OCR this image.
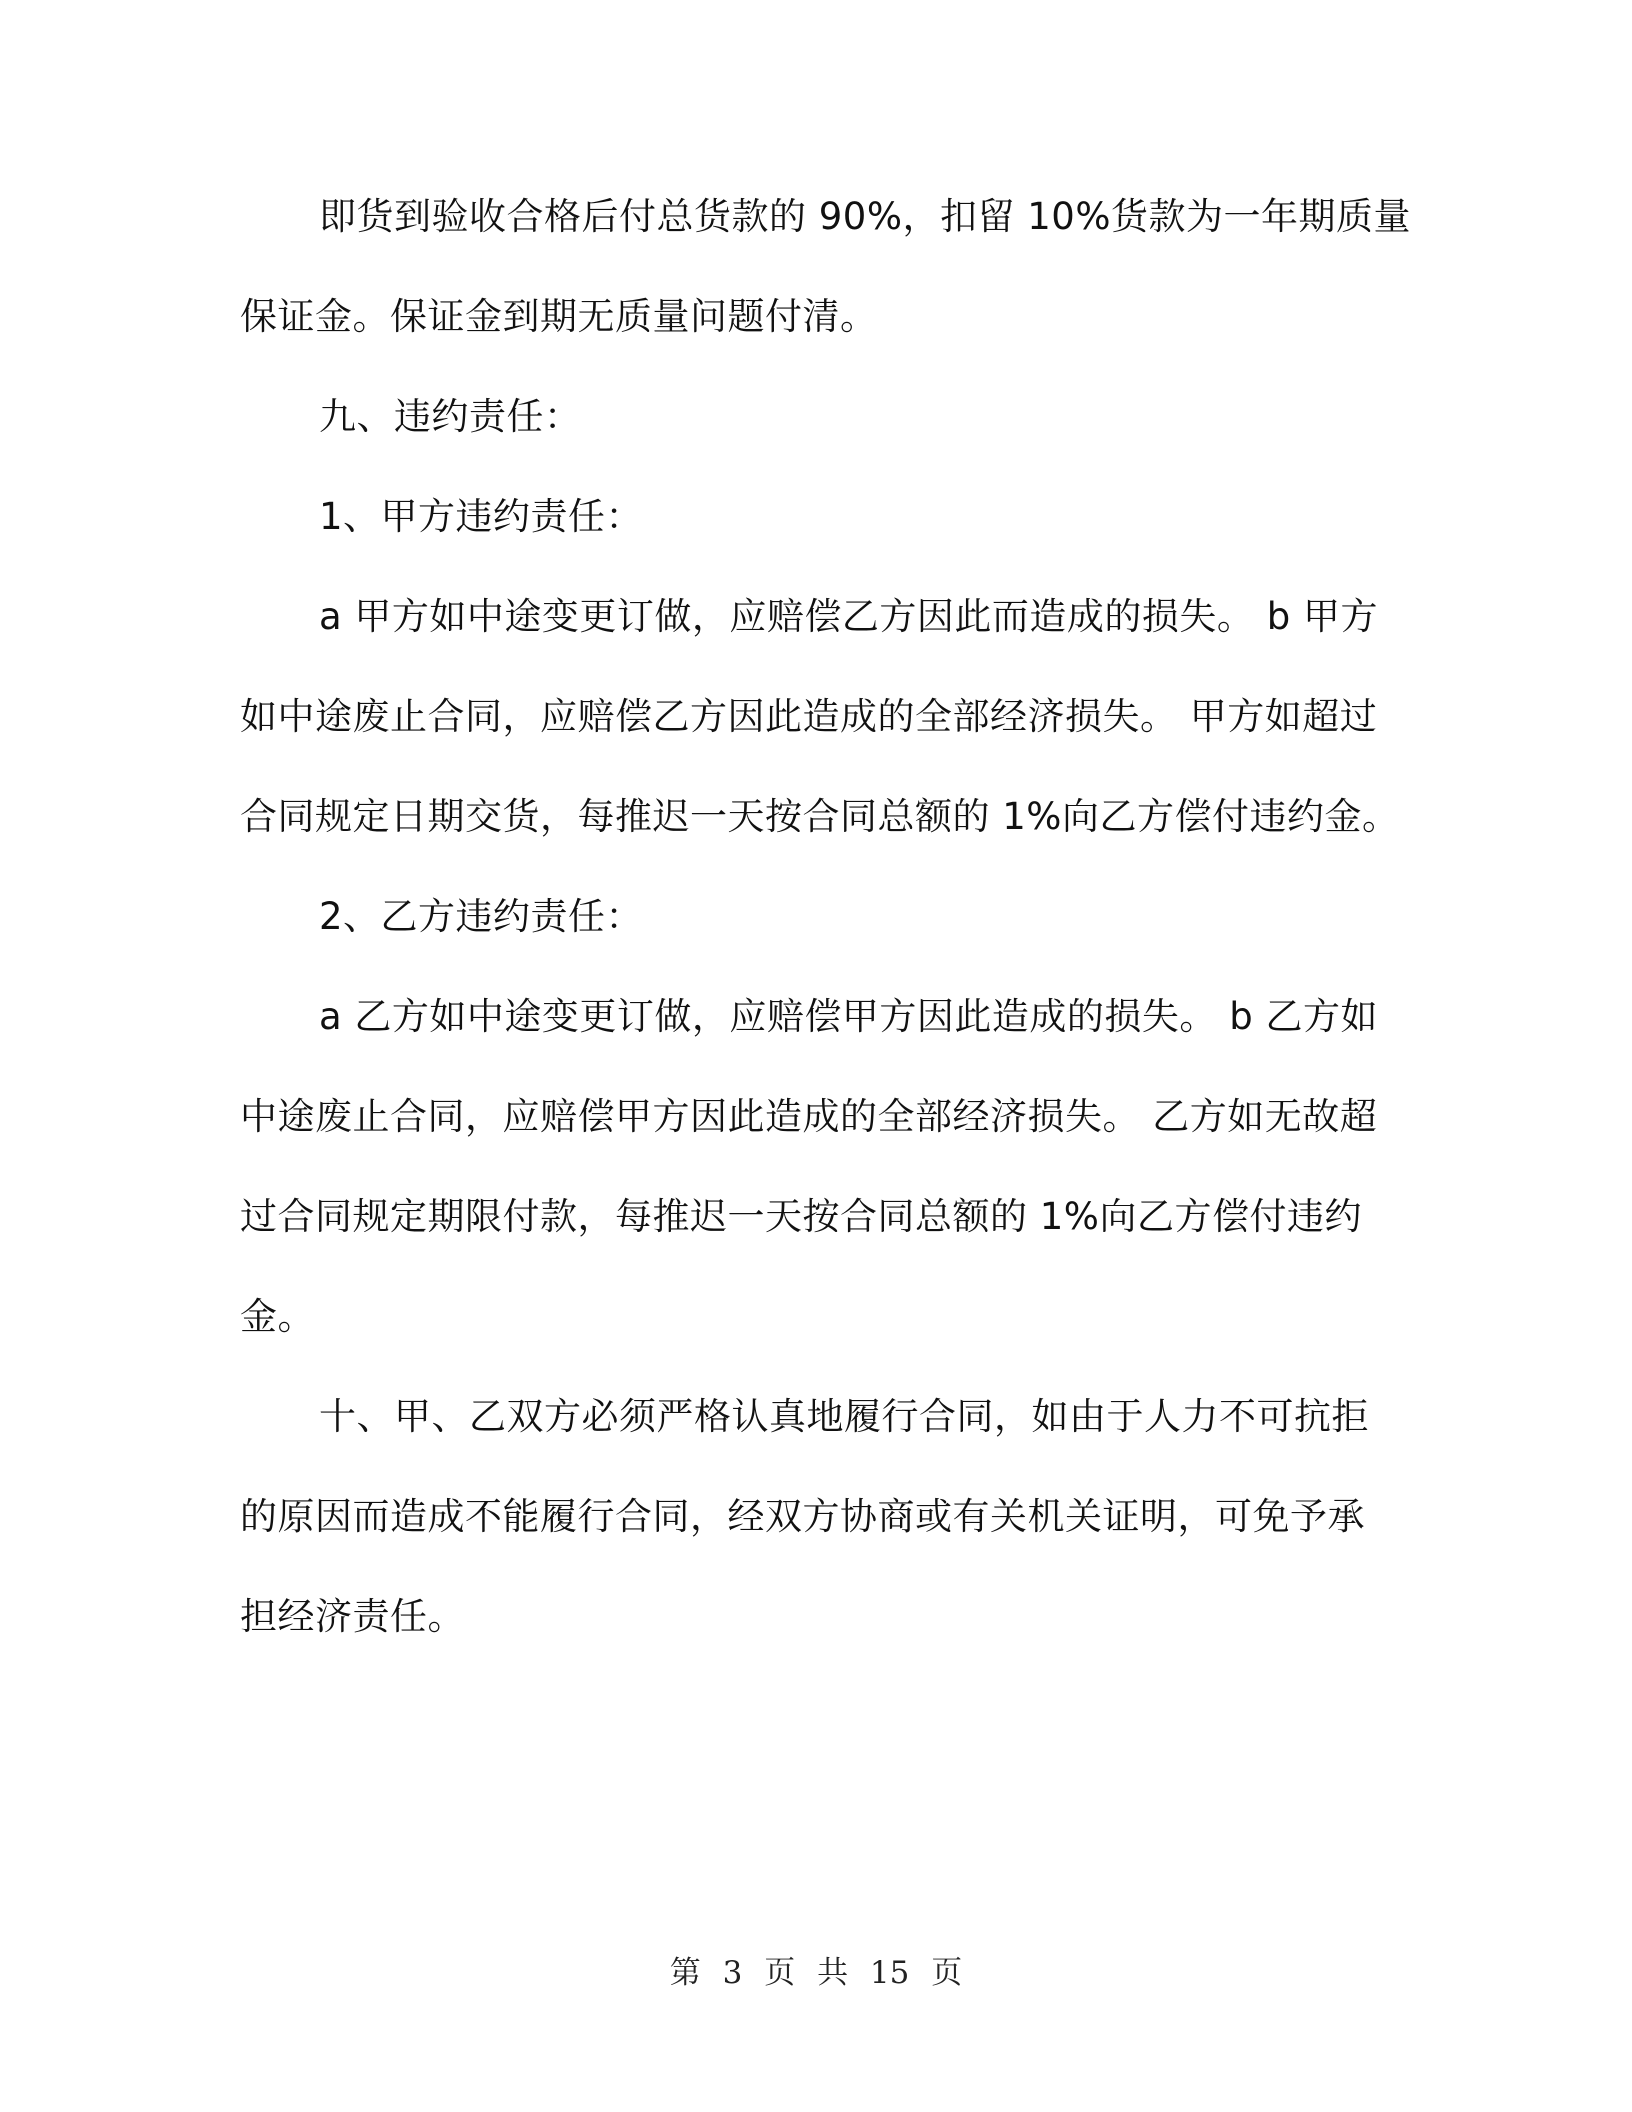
即货到验收合格后付总货款的 90%，扣留 10%货款为一年期质量
保证金。保证金到期无质量问题付清。
九、违约责任：
1、甲方违约责任：
a 甲方如中途变更订做，应赔偿乙方因此而造成的损失。 b 甲方
如中途废止合同，应赔偿乙方因此造成的全部经济损失。 甲方如超过
合同规定日期交货，每推迟一天按合同总额的 1%向乙方偿付违约金。
2、乙方违约责任：
a 乙方如中途变更订做，应赔偿甲方因此造成的损失。 b 乙方如
中途废止合同，应赔偿甲方因此造成的全部经济损失。 乙方如无故超
过合同规定期限付款，每推迟一天按合同总额的 1%向乙方偿付违约
金。
十、甲、乙双方必须严格认真地履行合同，如由于人力不可抗拒
的原因而造成不能履行合同，经双方协商或有关机关证明，可免予承
担经济责任。
第 3 页 共 15 页
